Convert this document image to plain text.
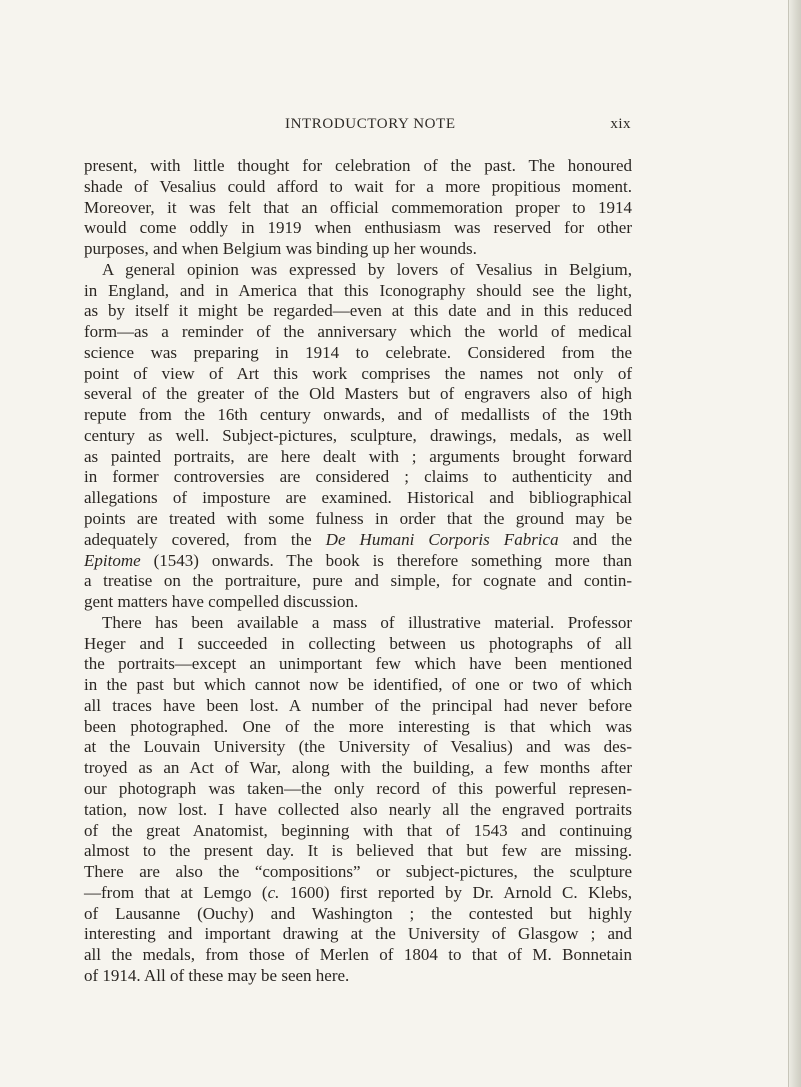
INTRODUCTORY NOTE	xix
present, with little thought for celebration of the past. The honoured
shade of Vesalius could afford to wait for a more propitious moment.
Moreover, it was felt that an official commemoration proper to 1914
would come oddly in 1919 when enthusiasm was reserved for other
purposes, and when Belgium was binding up her wounds.
A general opinion was expressed by lovers of Vesalius in Belgium,
in England, and in America that this Iconography should see the light,
as by itself it might be regarded—even at this date and in this reduced
form—as a reminder of the anniversary which the world of medical
science was preparing in 1914 to celebrate. Considered from the
point of view of Art this work comprises the names not only of
several of the greater of the Old Masters but of engravers also of high
repute from the 16th century onwards, and of medallists of the 19th
century as well. Subject-pictures, sculpture, drawings, medals, as well
as painted portraits, are here dealt with ; arguments brought forward
in former controversies are considered ; claims to authenticity and
allegations of imposture are examined. Historical and bibliographical
points are treated with some fulness in order that the ground may be
adequately covered, from the De Humani Corporis Fabrica and the
Epitome (1543) onwards. The book is therefore something more than
a treatise on the portraiture, pure and simple, for cognate and contin-
gent matters have compelled discussion.
There has been available a mass of illustrative material. Professor
Heger and I succeeded in collecting between us photographs of all
the portraits—except an unimportant few which have been mentioned
in the past but which cannot now be identified, of one or two of which
all traces have been lost. A number of the principal had never before
been photographed. One of the more interesting is that which was
at the Louvain University (the University of Vesalius) and was des-
troyed as an Act of War, along with the building, a few months after
our photograph was taken—the only record of this powerful represen-
tation, now lost. I have collected also nearly all the engraved portraits
of the great Anatomist, beginning with that of 1543 and continuing
almost to the present day. It is believed that but few are missing.
There are also the “compositions” or subject-pictures, the sculpture
—from that at Lemgo (c. 1600) first reported by Dr. Arnold C. Klebs,
of Lausanne (Ouchy) and Washington ; the contested but highly
interesting and important drawing at the University of Glasgow ; and
all the medals, from those of Merlen of 1804 to that of M. Bonnetain
of 1914. All of these may be seen here.
